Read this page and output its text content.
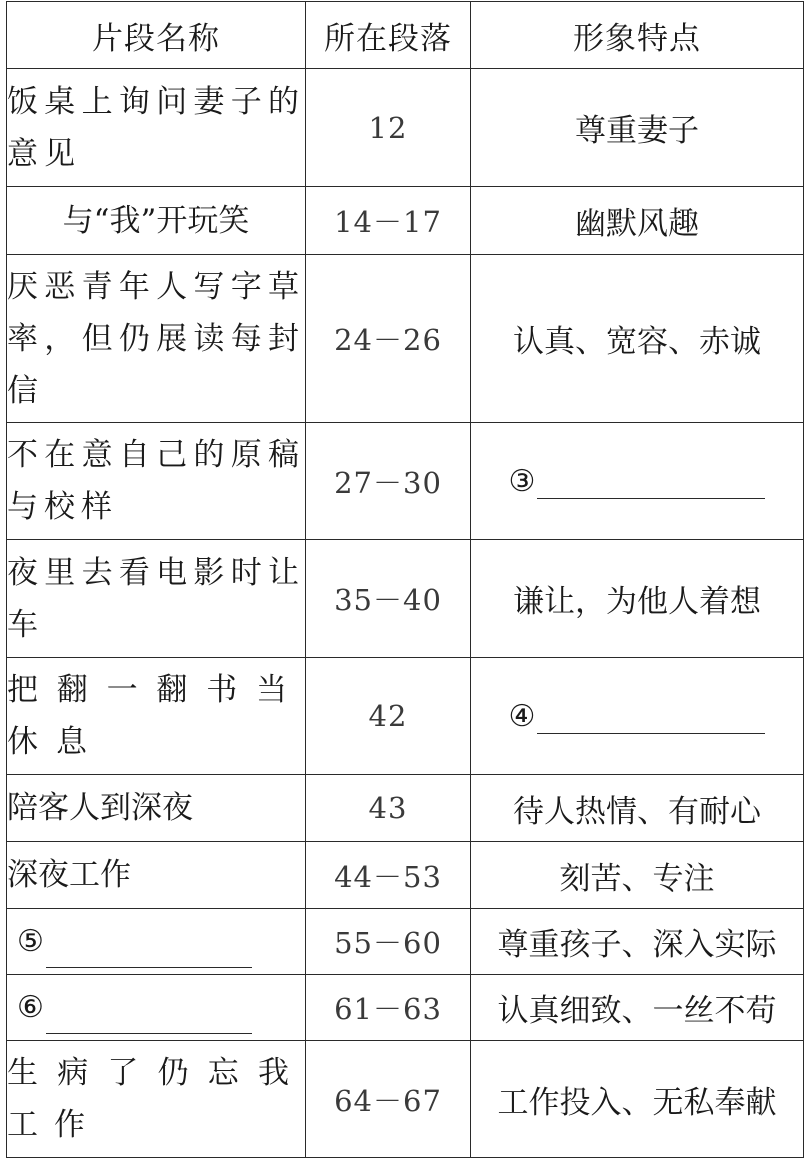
片段名称	所在段落	形象特点
饭桌上询问妻子的意见	12	尊重妻子
与“我”开玩笑	14－17	幽默风趣
厌恶青年人写字草率，但仍展读每封信	24－26	认真、宽容、赤诚
不在意自己的原稿与校样	27－30	③

夜里去看电影时让车	35－40	谦让，为他人着想
把翻一翻书当休息	42	④

陪客人到深夜	43	待人热情、有耐心
深夜工作	44－53	刻苦、专注

⑤	55－60	尊重孩子、深入实际

⑥	61－63	认真细致、一丝不苟
生病了仍忘我工作	64－67	工作投入、无私奉献
